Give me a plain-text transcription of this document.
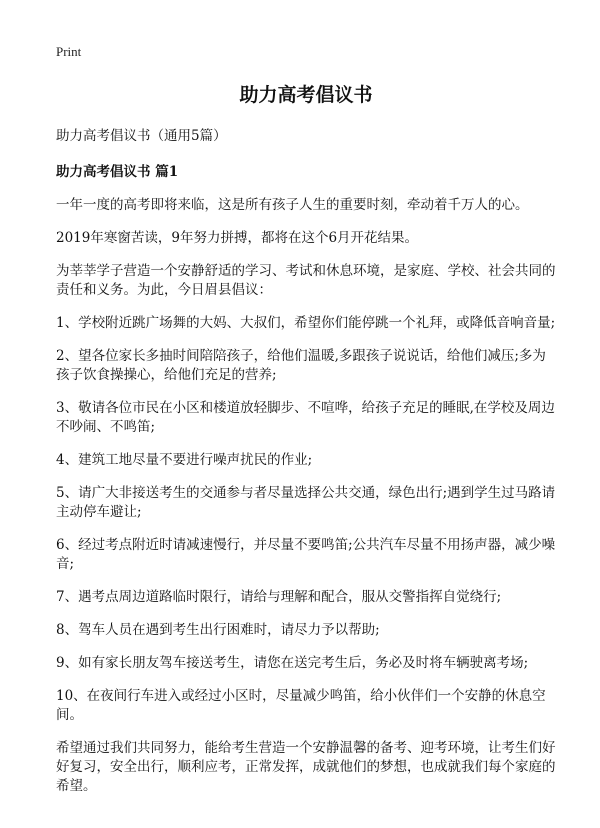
Print
助力高考倡议书

助力高考倡议书（通用5篇）

助力高考倡议书 篇1

一年一度的高考即将来临，这是所有孩子人生的重要时刻，牵动着千万人的心。

2019年寒窗苦读，9年努力拼搏，都将在这个6月开花结果。

为莘莘学子营造一个安静舒适的学习、考试和休息环境，是家庭、学校、社会共同的责任和义务。为此，今日眉县倡议：

1、学校附近跳广场舞的大妈、大叔们，希望你们能停跳一个礼拜，或降低音响音量;

2、望各位家长多抽时间陪陪孩子，给他们温暖,多跟孩子说说话，给他们减压;多为孩子饮食操操心，给他们充足的营养;

3、敬请各位市民在小区和楼道放轻脚步、不喧哗，给孩子充足的睡眠,在学校及周边不吵闹、不鸣笛;

4、建筑工地尽量不要进行噪声扰民的作业;

5、请广大非接送考生的交通参与者尽量选择公共交通，绿色出行;遇到学生过马路请主动停车避让;

6、经过考点附近时请减速慢行，并尽量不要鸣笛;公共汽车尽量不用扬声器，减少噪音;

7、遇考点周边道路临时限行，请给与理解和配合，服从交警指挥自觉绕行;

8、驾车人员在遇到考生出行困难时，请尽力予以帮助;

9、如有家长朋友驾车接送考生，请您在送完考生后，务必及时将车辆驶离考场;

10、在夜间行车进入或经过小区时，尽量减少鸣笛，给小伙伴们一个安静的休息空间。

希望通过我们共同努力，能给考生营造一个安静温馨的备考、迎考环境，让考生们好好复习，安全出行，顺利应考，正常发挥，成就他们的梦想，也成就我们每个家庭的希望。
